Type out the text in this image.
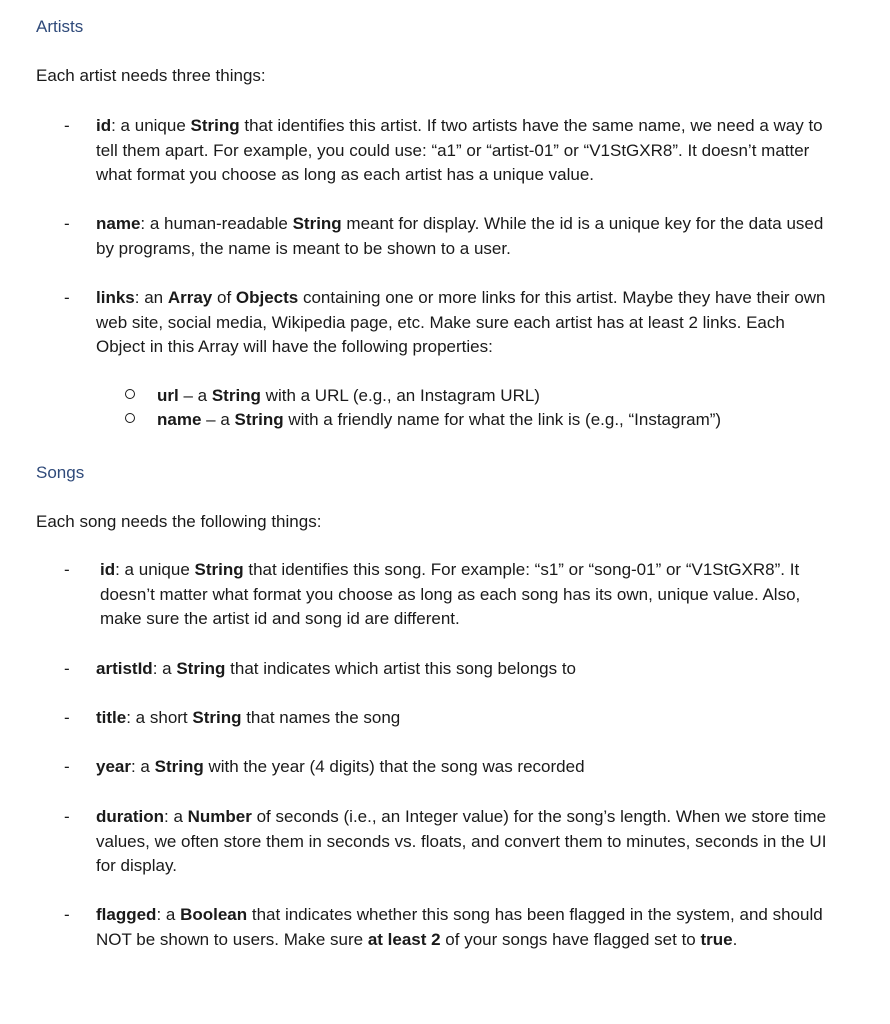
Artists
Each artist needs three things:
- id: a unique String that identifies this artist. If two artists have the same name, we need a way to tell them apart. For example, you could use: “a1” or “artist-01” or “V1StGXR8”. It doesn’t matter what format you choose as long as each artist has a unique value.
- name: a human-readable String meant for display. While the id is a unique key for the data used by programs, the name is meant to be shown to a user.
- links: an Array of Objects containing one or more links for this artist. Maybe they have their own web site, social media, Wikipedia page, etc. Make sure each artist has at least 2 links. Each Object in this Array will have the following properties:
url – a String with a URL (e.g., an Instagram URL)
name – a String with a friendly name for what the link is (e.g., “Instagram”)
Songs
Each song needs the following things:
- id: a unique String that identifies this song. For example: “s1” or “song-01” or “V1StGXR8”. It doesn’t matter what format you choose as long as each song has its own, unique value. Also, make sure the artist id and song id are different.
- artistId: a String that indicates which artist this song belongs to
- title: a short String that names the song
- year: a String with the year (4 digits) that the song was recorded
- duration: a Number of seconds (i.e., an Integer value) for the song’s length. When we store time values, we often store them in seconds vs. floats, and convert them to minutes, seconds in the UI for display.
- flagged: a Boolean that indicates whether this song has been flagged in the system, and should NOT be shown to users. Make sure at least 2 of your songs have flagged set to true.
